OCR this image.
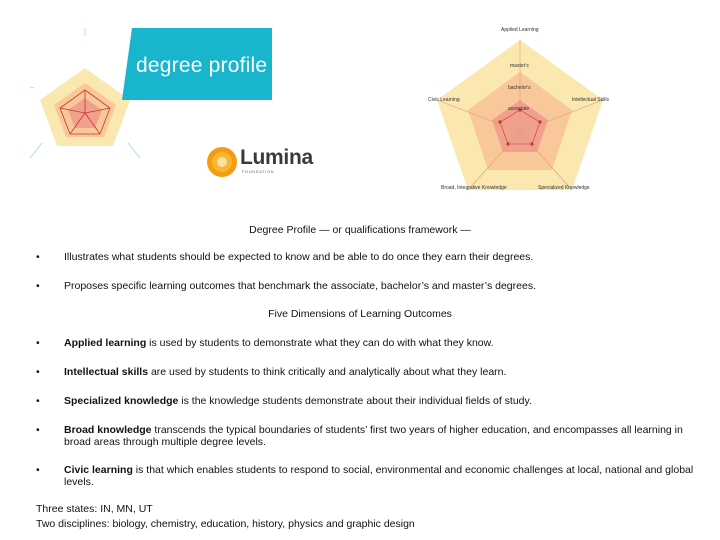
degree profile
Lumina
FOUNDATION
Applied Learning
Civic Learning	Intellectual Skills
Broad, Integrative Knowledge	Specialized Knowledge
master's
bachelor's
associate
Degree Profile — or qualifications framework —
• Illustrates what students should be expected to know and be able to do once they earn their degrees.
• Proposes specific learning outcomes that benchmark the associate, bachelor’s and master’s degrees.
Five Dimensions of Learning Outcomes
• Applied learning is used by students to demonstrate what they can do with what they know.
• Intellectual skills are used by students to think critically and analytically about what they learn.
• Specialized knowledge is the knowledge students demonstrate about their individual fields of study.
• Broad knowledge transcends the typical boundaries of students’ first two years of higher education, and encompasses all learning in broad areas through multiple degree levels.
• Civic learning is that which enables students to respond to social, environmental and economic challenges at local, national and global levels.
Three states: IN, MN, UT
Two disciplines: biology, chemistry, education, history, physics and graphic design
